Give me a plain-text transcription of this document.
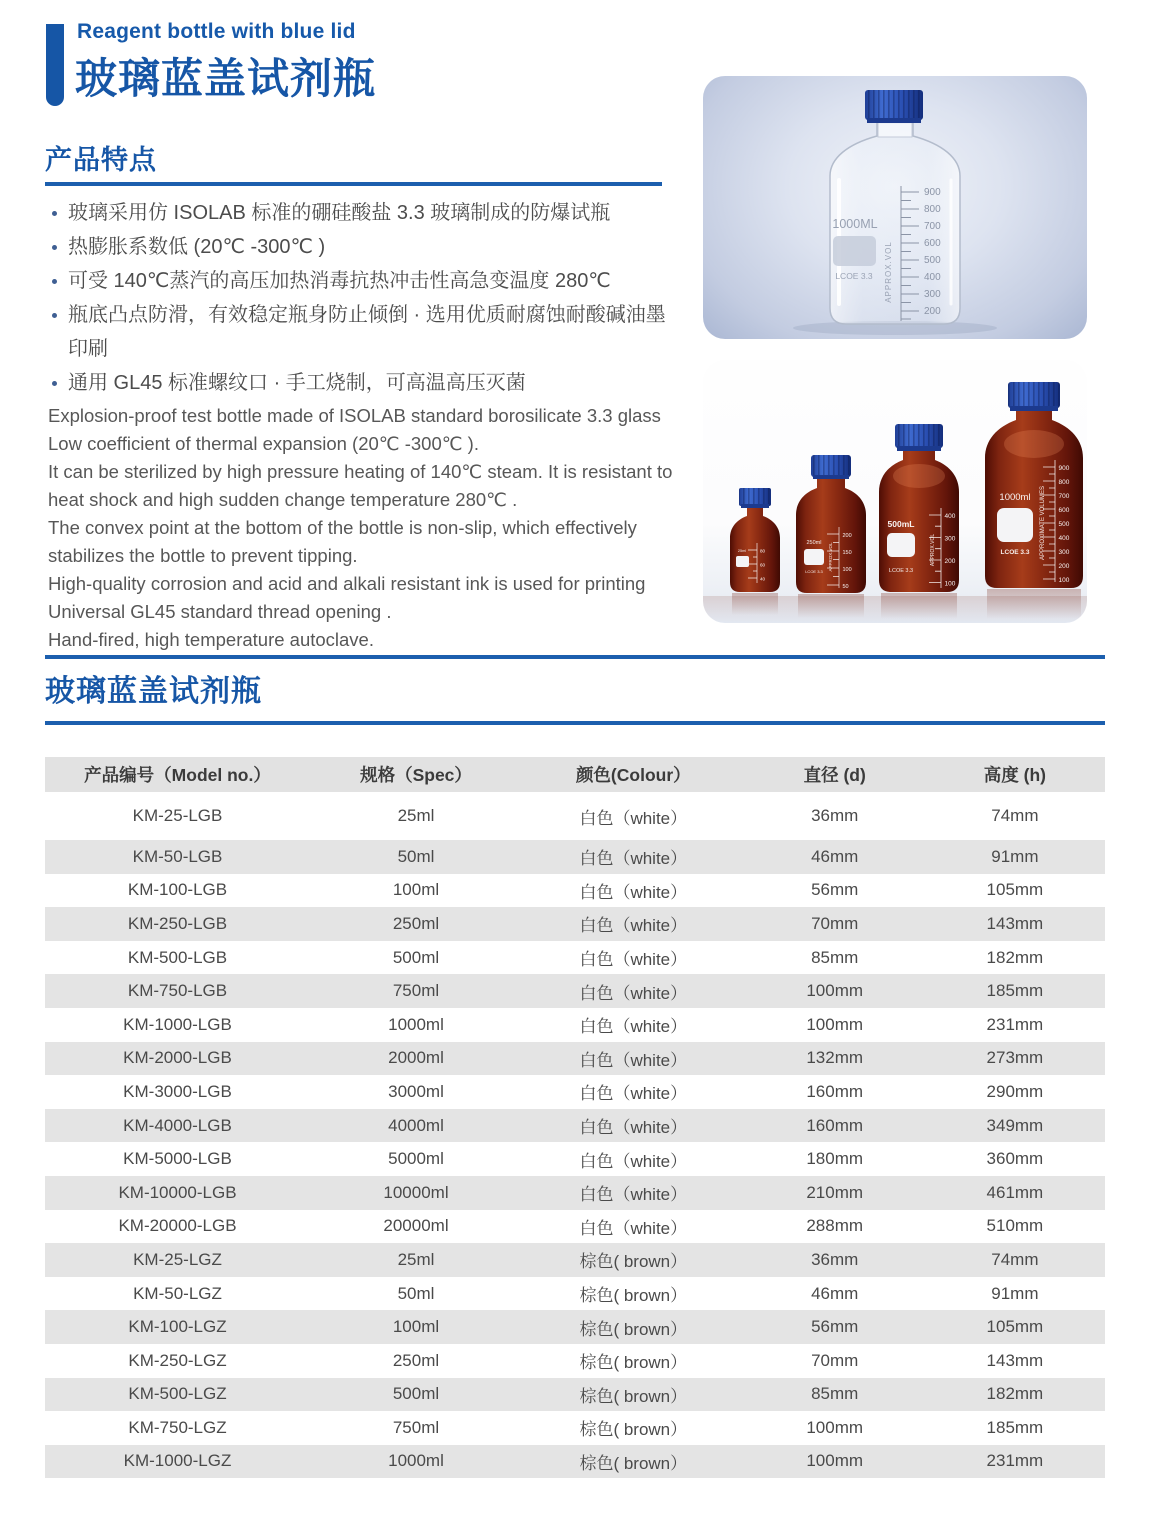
Reagent bottle with blue lid
玻璃蓝盖试剂瓶
产品特点
玻璃采用仿 ISOLAB 标准的硼硅酸盐 3.3 玻璃制成的防爆试瓶
热膨胀系数低 (20℃ -300℃ )
可受 140℃蒸汽的高压加热消毒抗热冲击性高急变温度 280℃
瓶底凸点防滑，有效稳定瓶身防止倾倒 · 选用优质耐腐蚀耐酸碱油墨印刷
通用 GL45 标准螺纹口 · 手工烧制，可高温高压灭菌
Explosion-proof test bottle made of ISOLAB standard borosilicate 3.3 glass
Low coefficient of thermal expansion (20℃ -300℃ ).
It can be sterilized by high pressure heating of 140℃ steam. It is resistant to
heat shock and high sudden change temperature 280℃ .
The convex point at the bottom of the bottle is non-slip, which effectively
stabilizes the bottle to prevent tipping.
High-quality corrosion and acid and alkali resistant ink is used for printing
Universal GL45 standard thread opening .
Hand-fired, high temperature autoclave.
900
800
700
600
500
400
300
200
1000ML
LCOE 3.3 APPROX.VOL
80
60
40
25ml
200
150
100
50
250ml
LCOE 3.3 APPROX.VOL
400
300
200
100
500mL
LCOE 3.3
APPROX.VOL
900
800
700
600
500
400
300
200
100
1000ml
LCOE 3.3 APPROXIMATE VOLUMES
玻璃蓝盖试剂瓶
产品编号（Model no.）	规格（Spec）	颜色(Colour）	直径 (d)	高度 (h)
KM-25-LGB	25ml	白色（white）	36mm	74mm
KM-50-LGB	50ml	白色（white）	46mm	91mm
KM-100-LGB	100ml	白色（white）	56mm	105mm
KM-250-LGB	250ml	白色（white）	70mm	143mm
KM-500-LGB	500ml	白色（white）	85mm	182mm
KM-750-LGB	750ml	白色（white）	100mm	185mm
KM-1000-LGB	1000ml	白色（white）	100mm	231mm
KM-2000-LGB	2000ml	白色（white）	132mm	273mm
KM-3000-LGB	3000ml	白色（white）	160mm	290mm
KM-4000-LGB	4000ml	白色（white）	160mm	349mm
KM-5000-LGB	5000ml	白色（white）	180mm	360mm
KM-10000-LGB	10000ml	白色（white）	210mm	461mm
KM-20000-LGB	20000ml	白色（white）	288mm	510mm
KM-25-LGZ	25ml	棕色( brown）	36mm	74mm
KM-50-LGZ	50ml	棕色( brown）	46mm	91mm
KM-100-LGZ	100ml	棕色( brown）	56mm	105mm
KM-250-LGZ	250ml	棕色( brown）	70mm	143mm
KM-500-LGZ	500ml	棕色( brown）	85mm	182mm
KM-750-LGZ	750ml	棕色( brown）	100mm	185mm
KM-1000-LGZ	1000ml	棕色( brown）	100mm	231mm
